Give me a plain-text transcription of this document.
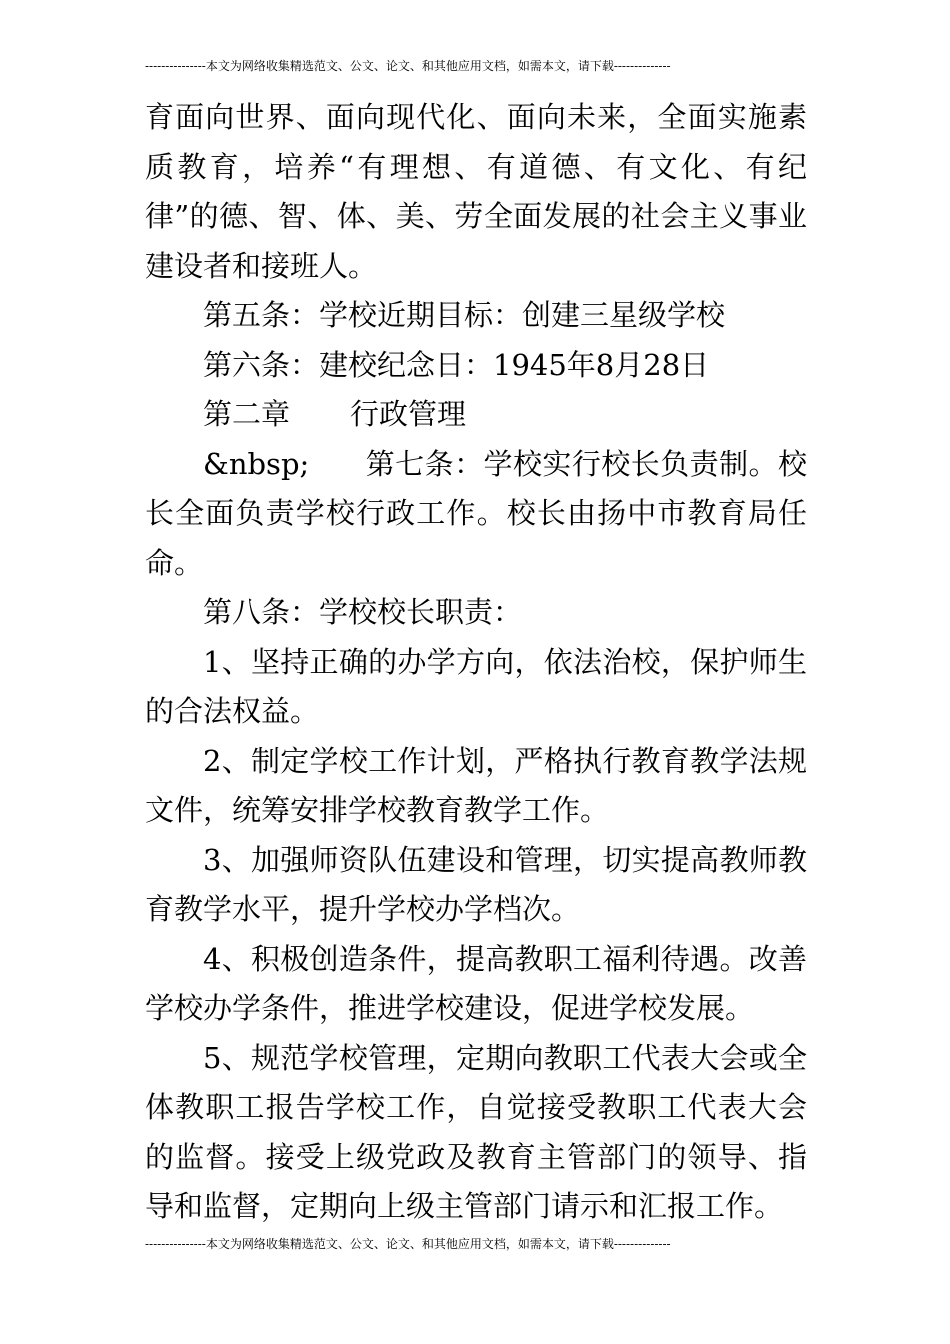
---------------本文为网络收集精选范文、公文、论文、和其他应用文档，如需本文，请下载--------------

育面向世界、面向现代化、面向未来，全面实施素质教育，培养“有理想、有道德、有文化、有纪律”的德、智、体、美、劳全面发展的社会主义事业建设者和接班人。

第五条：学校近期目标：创建三星级学校

第六条：建校纪念日：1945年8月28日

第二章 行政管理

&nbsp; 第七条：学校实行校长负责制。校长全面负责学校行政工作。校长由扬中市教育局任命。

第八条：学校校长职责：

1、坚持正确的办学方向，依法治校，保护师生的合法权益。

2、制定学校工作计划，严格执行教育教学法规文件，统筹安排学校教育教学工作。

3、加强师资队伍建设和管理，切实提高教师教育教学水平，提升学校办学档次。

4、积极创造条件，提高教职工福利待遇。改善学校办学条件，推进学校建设，促进学校发展。

5、规范学校管理，定期向教职工代表大会或全体教职工报告学校工作，自觉接受教职工代表大会的监督。接受上级党政及教育主管部门的领导、指导和监督，定期向上级主管部门请示和汇报工作。

---------------本文为网络收集精选范文、公文、论文、和其他应用文档，如需本文，请下载--------------
